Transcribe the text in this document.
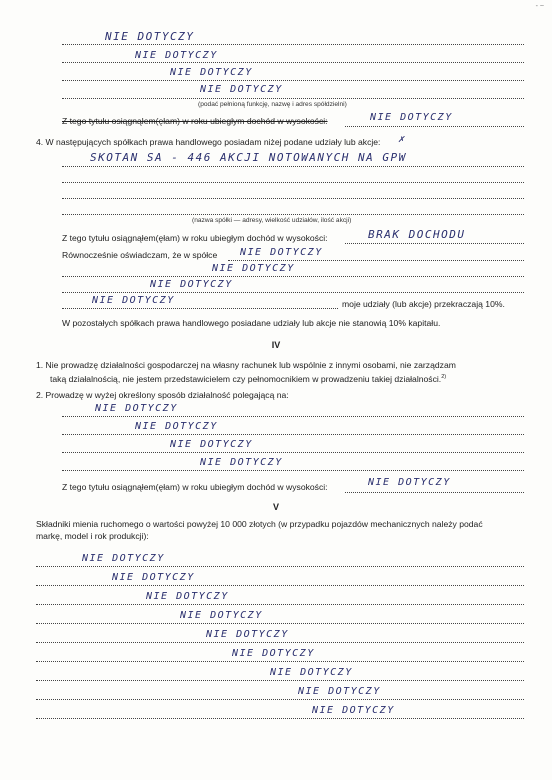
- ~
NIE DOTYCZY
NIE DOTYCZY
NIE DOTYCZY
NIE DOTYCZY
(podać pełnioną funkcję, nazwę i adres spółdzielni)
Z tego tytułu osiągnąłem(ęłam) w roku ubiegłym dochód w wysokości:	NIE DOTYCZY
4. W następujących spółkach prawa handlowego posiadam niżej podane udziały lub akcje: ✗
SKOTAN SA - 446 AKCJI NOTOWANYCH NA GPW
(nazwa spółki — adresy, wielkość udziałów, ilość akcji)
Z tego tytułu osiągnąłem(ęłam) w roku ubiegłym dochód w wysokości:	BRAK DOCHODU
Równocześnie oświadczam, że w spółce NIE DOTYCZY
NIE DOTYCZY
NIE DOTYCZY
NIE DOTYCZY	moje udziały (lub akcje) przekraczają 10%.
W pozostałych spółkach prawa handlowego posiadane udziały lub akcje nie stanowią 10% kapitału.
IV
1. Nie prowadzę działalności gospodarczej na własny rachunek lub wspólnie z innymi osobami, nie zarządzam
taką działalnością, nie jestem przedstawicielem czy pełnomocnikiem w prowadzeniu takiej działalności.$^{2)}$
2. Prowadzę w wyżej określony sposób działalność polegającą na:
NIE DOTYCZY
NIE DOTYCZY
NIE DOTYCZY
NIE DOTYCZY
Z tego tytułu osiągnąłem(ęłam) w roku ubiegłym dochód w wysokości:	NIE DOTYCZY
V
Składniki mienia ruchomego o wartości powyżej 10 000 złotych (w przypadku pojazdów mechanicznych należy podać
markę, model i rok produkcji):
NIE DOTYCZY
NIE DOTYCZY
NIE DOTYCZY
NIE DOTYCZY
NIE DOTYCZY
NIE DOTYCZY
NIE DOTYCZY
NIE DOTYCZY
NIE DOTYCZY
